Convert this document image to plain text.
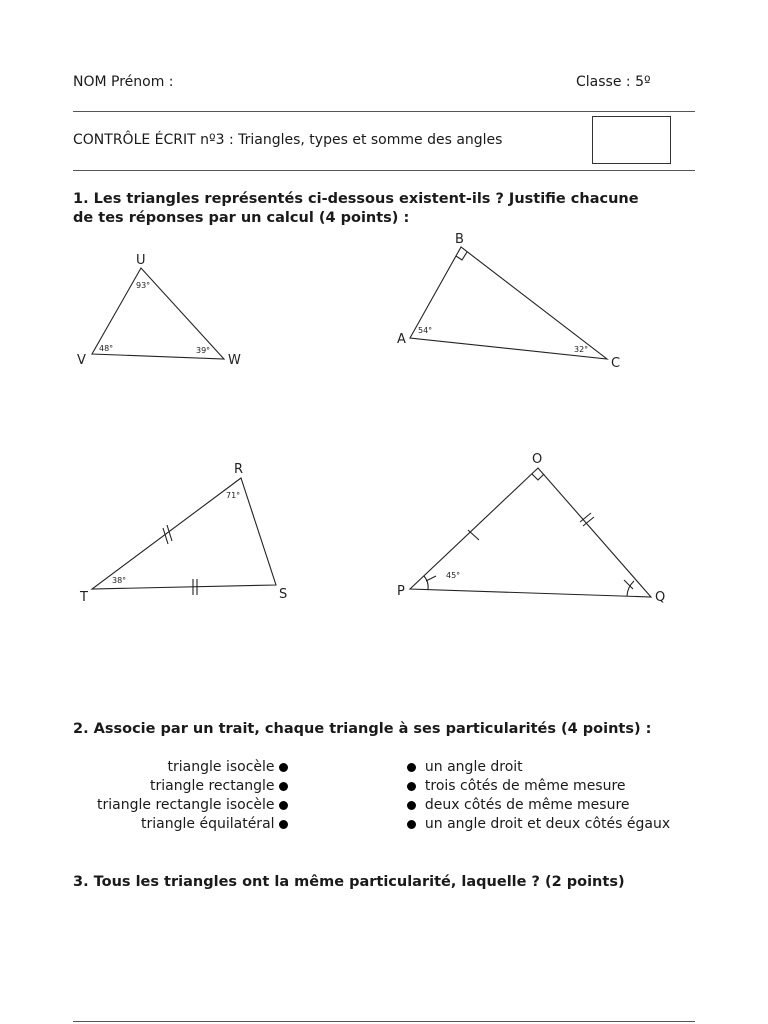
NOM Prénom :	Classe : 5º
CONTRÔLE ÉCRIT nº3 : Triangles, types et somme des angles
1. Les triangles représentés ci-dessous existent-ils ? Justifie chacune
de tes réponses par un calcul (4 points) :
U
V	W
93°
48°	39°
B
A
C
54°
32°
R
T	S
71°
38°
O
P	Q
45°
2. Associe par un trait, chaque triangle à ses particularités (4 points) :
triangle isocèle
triangle rectangle
triangle rectangle isocèle
triangle équilatéral
un angle droit
trois côtés de même mesure
deux côtés de même mesure
un angle droit et deux côtés égaux
3. Tous les triangles ont la même particularité, laquelle ? (2 points)
